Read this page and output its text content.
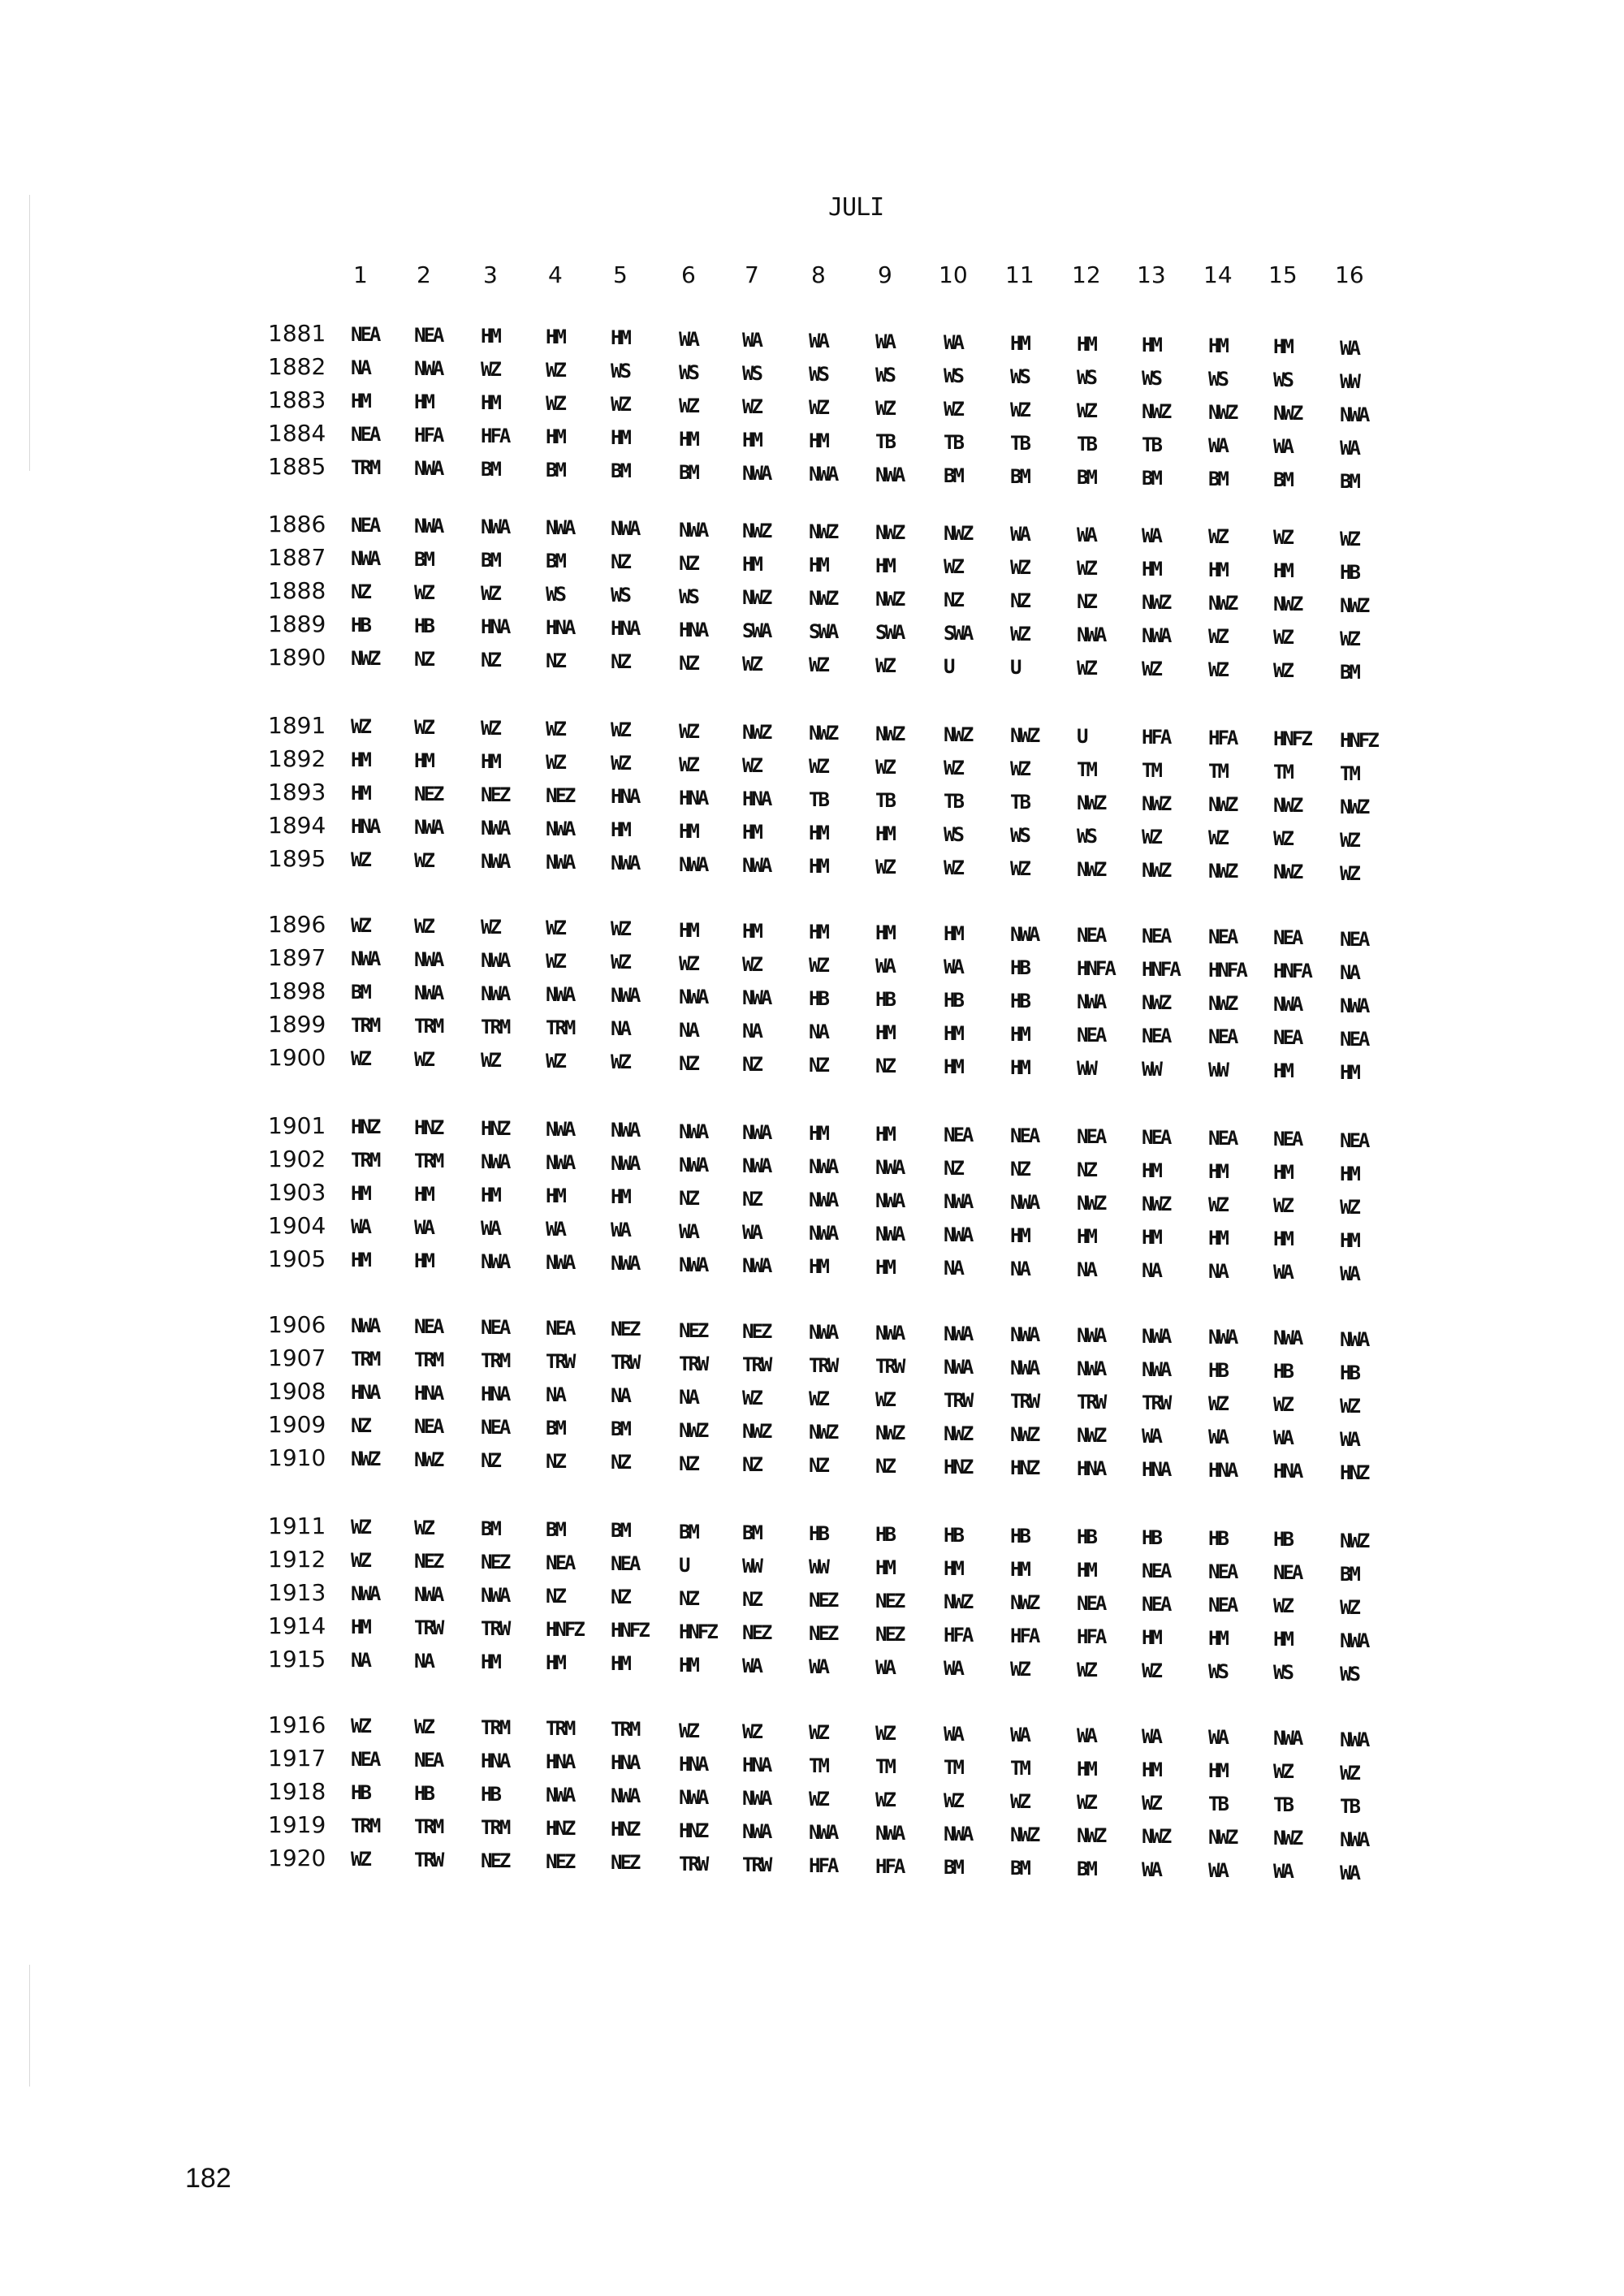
JULI
1 2 3 4 5 6 7 8 9 10 11 12 13 14 15 16
1881 NEA NEA HM HM HM	WA WA WA WA	WA HM HM HM HM HM WA
1882 NA NWA WZ WZ WS	WS WS WS WS	WS WS WS WS WS WS WW
1883 HM HM HM WZ WZ	WZ WZ WZ WZ	WZ WZ WZ NWZ NWZ NWZ NWA
1884 NEA HFA HFA HM HM	HM HM HM TB	TB TB TB TB WA WA WA
1885 TRM NWA BM BM BM	BM NWA NWA NWA BM BM BM BM BM BM BM
1886 NEA NWA NWA NWA NWA NWA NWZ NWZ NWZ NWZ WA WA WA WZ WZ WZ
1887 NWA BM BM BM NZ	NZ HM HM HM	WZ WZ WZ HM HM HM HB
1888 NZ WZ WZ WS WS	WS NWZ NWZ NWZ NZ NZ NZ NWZ NWZ NWZ NWZ
1889 HB HB HNA HNA HNA HNA SWA SWA SWA SWA WZ NWA NWA WZ WZ WZ
1890 NWZ NZ NZ NZ NZ	NZ WZ WZ WZ	U	U	WZ WZ WZ WZ BM
1891 WZ WZ WZ WZ WZ	WZ NWZ NWZ NWZ NWZ NWZ U	HFA HFA HNFZ HNFZ
1892 HM HM HM WZ WZ	WZ WZ WZ WZ	WZ WZ TM TM TM TM TM
1893 HM NEZ NEZ NEZ HNA HNA HNA TB TB	TB TB NWZ NWZ NWZ NWZ NWZ
1894 HNA NWA NWA NWA HM	HM HM HM HM	WS WS WS WZ WZ WZ WZ
1895 WZ WZ NWA NWA NWA NWA NWA HM WZ	WZ WZ NWZ NWZ NWZ NWZ WZ
1896 WZ WZ WZ WZ WZ	HM HM HM HM	HM NWA NEA NEA NEA NEA NEA
1897 NWA NWA NWA WZ WZ	WZ WZ WZ WA	WA HB HNFA HNFA HNFA HNFA NA
1898 BM NWA NWA NWA NWA NWA NWA HB HB	HB HB NWA NWZ NWZ NWA NWA
1899 TRM TRM TRM TRM NA	NA NA NA HM	HM HM NEA NEA NEA NEA NEA
1900 WZ WZ WZ WZ WZ	NZ NZ NZ NZ	HM HM WW WW WW HM HM
1901 HNZ HNZ HNZ NWA NWA NWA NWA HM HM	NEA NEA NEA NEA NEA NEA NEA
1902 TRM TRM NWA NWA NWA NWA NWA NWA NWA NZ NZ NZ HM HM HM HM
1903 HM HM HM HM HM	NZ NZ NWA NWA NWA NWA NWZ NWZ WZ WZ WZ
1904 WA WA WA WA WA	WA WA NWA NWA NWA HM HM HM HM HM HM
1905 HM HM NWA NWA NWA NWA NWA HM HM	NA NA NA NA NA WA WA
1906 NWA NEA NEA NEA NEZ NEZ NEZ NWA NWA NWA NWA NWA NWA NWA NWA NWA
1907 TRM TRM TRM TRW TRW TRW TRW TRW TRW NWA NWA NWA NWA HB HB HB
1908 HNA HNA HNA NA NA	NA WZ WZ WZ	TRW TRW TRW TRW WZ WZ WZ
1909 NZ NEA NEA BM BM	NWZ NWZ NWZ NWZ NWZ NWZ NWZ WA WA WA WA
1910 NWZ NWZ NZ NZ NZ	NZ NZ NZ NZ	HNZ HNZ HNA HNA HNA HNA HNZ
1911 WZ WZ BM BM BM	BM BM HB HB	HB HB HB HB HB HB NWZ
1912 WZ NEZ NEZ NEA NEA U	WW WW HM	HM HM HM NEA NEA NEA BM
1913 NWA NWA NWA NZ NZ	NZ NZ NEZ NEZ NWZ NWZ NEA NEA NEA WZ WZ
1914 HM TRW TRW HNFZ HNFZ HNFZ NEZ NEZ NEZ HFA HFA HFA HM HM HM NWA
1915 NA NA HM HM HM	HM WA WA WA	WA WZ WZ WZ WS WS WS
1916 WZ WZ TRM TRM TRM WZ WZ WZ WZ	WA WA WA WA WA NWA NWA
1917 NEA NEA HNA HNA HNA HNA HNA TM TM	TM TM HM HM HM WZ WZ
1918 HB HB HB NWA NWA NWA NWA WZ WZ	WZ WZ WZ WZ TB TB TB
1919 TRM TRM TRM HNZ HNZ HNZ NWA NWA NWA NWA NWZ NWZ NWZ NWZ NWZ NWA
1920 WZ TRW NEZ NEZ NEZ TRW TRW HFA HFA BM BM BM WA WA WA WA
182
